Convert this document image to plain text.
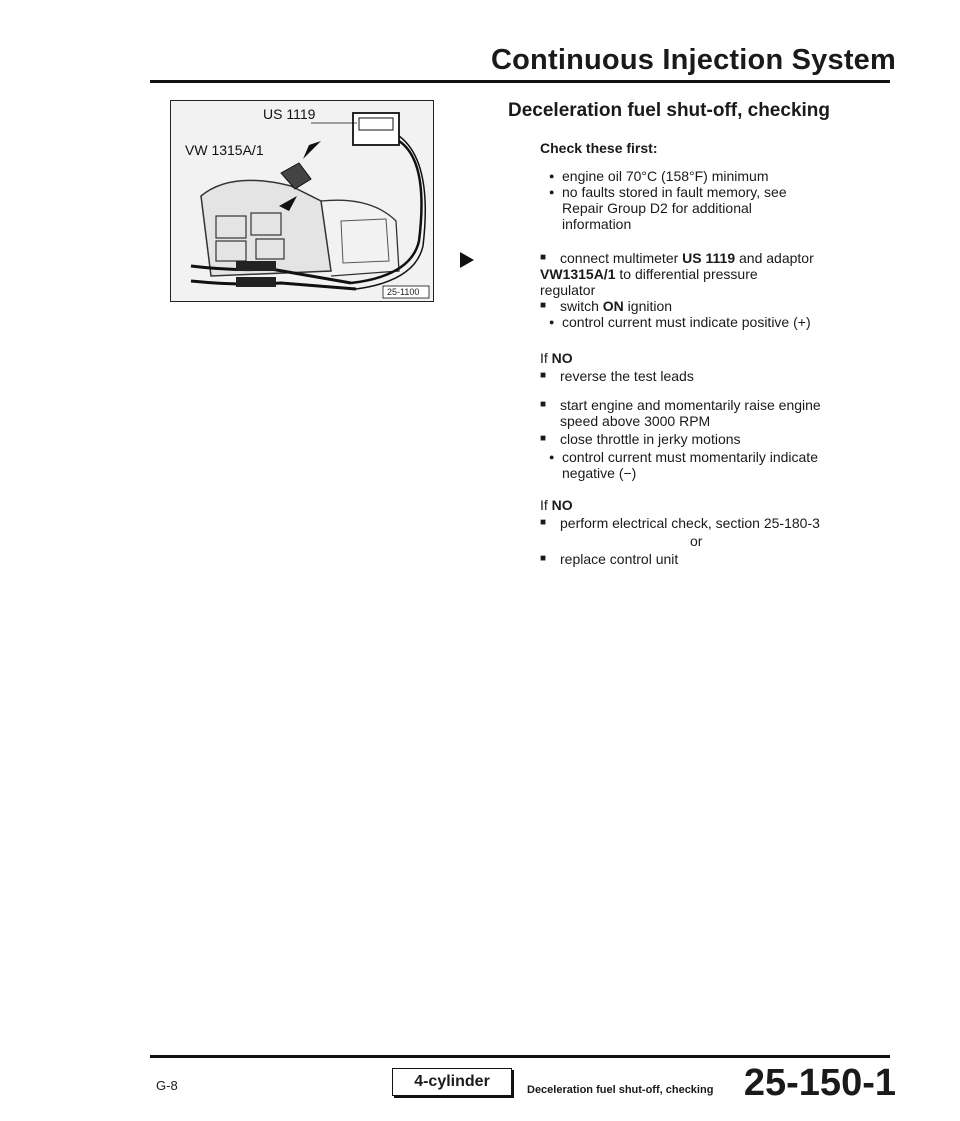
Continuous Injection System
US 1119
VW 1315A/1
25-1100
Deceleration fuel shut-off, checking
Check these first:
● engine oil 70°C (158°F) minimum
● no faults stored in fault memory, see
Repair Group D2 for additional
information
■ connect multimeter US 1119 and adaptor
VW1315A/1 to differential pressure
regulator
■ switch ON ignition
● control current must indicate positive (+)
If NO
■ reverse the test leads
■ start engine and momentarily raise engine
speed above 3000 RPM
■ close throttle in jerky motions
● control current must momentarily indicate
negative (−)
If NO
■ perform electrical check, section 25-180-3
or
■ replace control unit
G-8	4-cylinder	Deceleration fuel shut-off, checking 25-150-1
